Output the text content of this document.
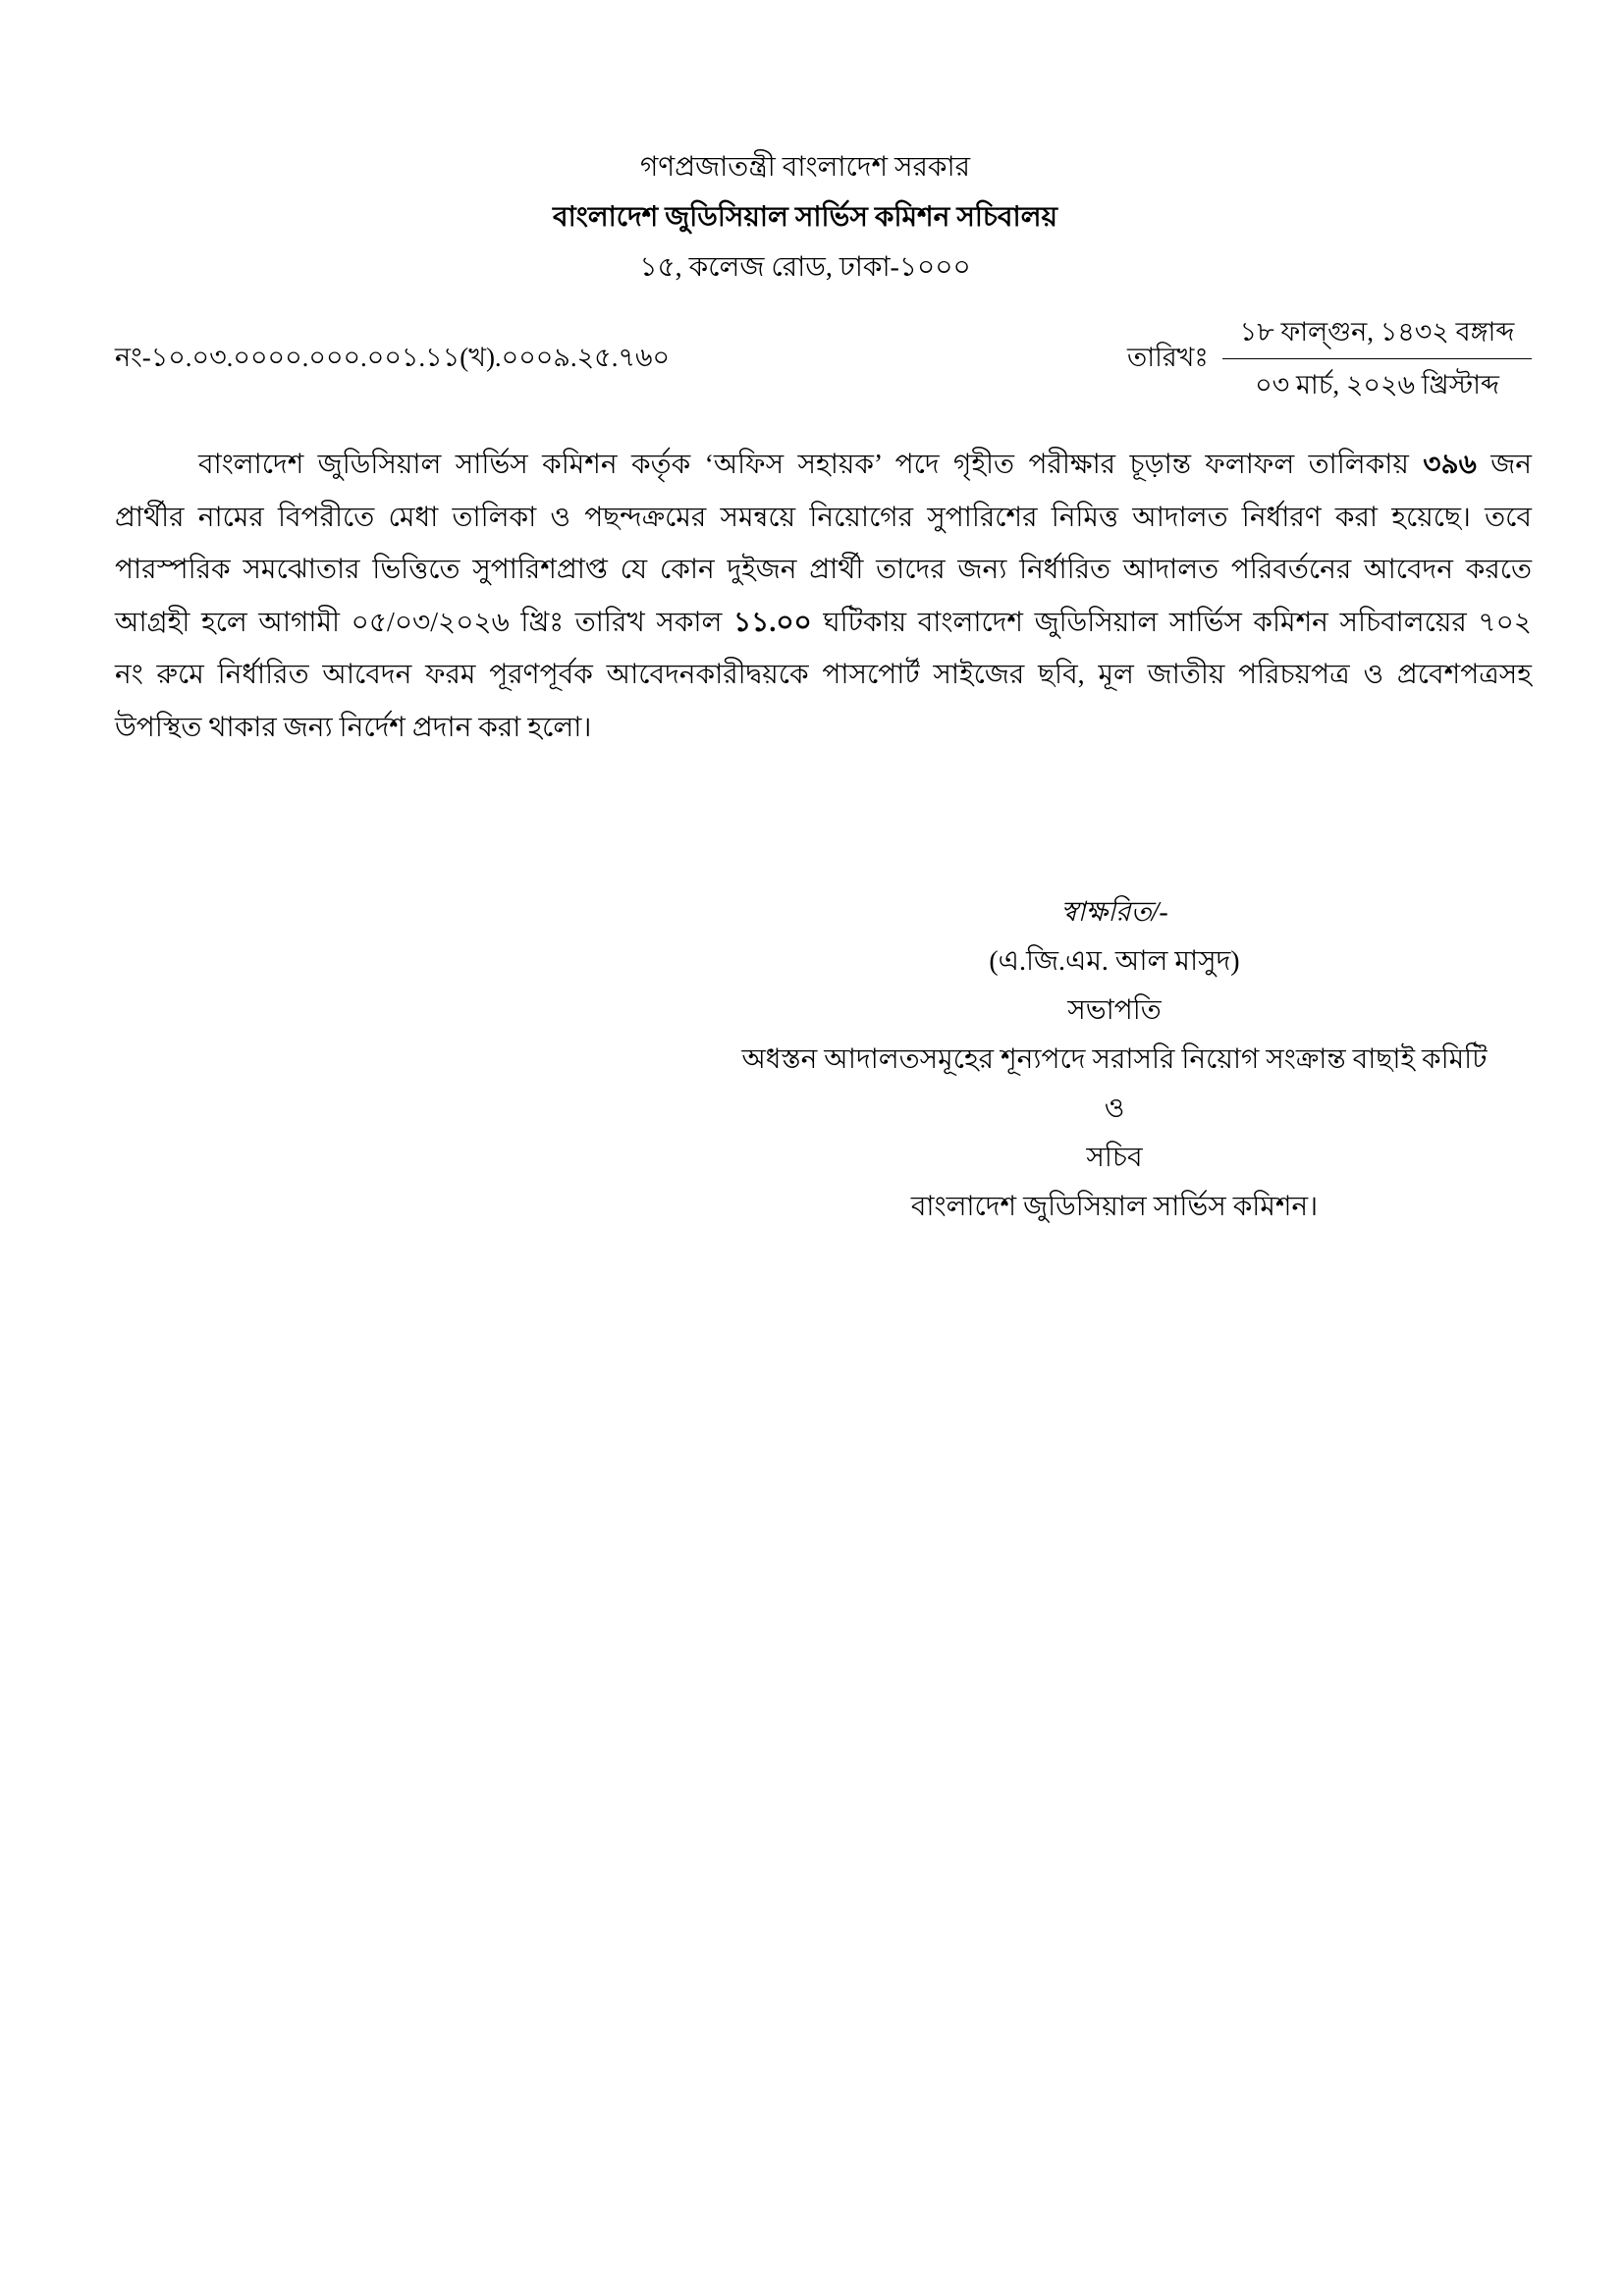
গণপ্রজাতন্ত্রী বাংলাদেশ সরকার
বাংলাদেশ জুডিসিয়াল সার্ভিস কমিশন সচিবালয়
১৫, কলেজ রোড, ঢাকা-১০০০
নং-১০.০৩.০০০০.০০০.০০১.১১(খ).০০০৯.২৫.৭৬০	তারিখঃ
১৮ ফাল্গুন, ১৪৩২ বঙ্গাব্দ
০৩ মার্চ, ২০২৬ খ্রিস্টাব্দ
বাংলাদেশ জুডিসিয়াল সার্ভিস কমিশন কর্তৃক ‘অফিস সহায়ক’ পদে গৃহীত পরীক্ষার চূড়ান্ত ফলাফল তালিকায় ৩৯৬ জন
প্রার্থীর নামের বিপরীতে মেধা তালিকা ও পছন্দক্রমের সমন্বয়ে নিয়োগের সুপারিশের নিমিত্ত আদালত নির্ধারণ করা হয়েছে। তবে
পারস্পরিক সমঝোতার ভিত্তিতে সুপারিশপ্রাপ্ত যে কোন দুইজন প্রার্থী তাদের জন্য নির্ধারিত আদালত পরিবর্তনের আবেদন করতে
আগ্রহী হলে আগামী ০৫/০৩/২০২৬ খ্রিঃ তারিখ সকাল ১১.০০ ঘটিকায় বাংলাদেশ জুডিসিয়াল সার্ভিস কমিশন সচিবালয়ের ৭০২
নং রুমে নির্ধারিত আবেদন ফরম পূরণপূর্বক আবেদনকারীদ্বয়কে পাসপোর্ট সাইজের ছবি, মূল জাতীয় পরিচয়পত্র ও প্রবেশপত্রসহ
উপস্থিত থাকার জন্য নির্দেশ প্রদান করা হলো।
স্বাক্ষরিত/-
(এ.জি.এম. আল মাসুদ)
সভাপতি
অধস্তন আদালতসমূহের শূন্যপদে সরাসরি নিয়োগ সংক্রান্ত বাছাই কমিটি
ও
সচিব
বাংলাদেশ জুডিসিয়াল সার্ভিস কমিশন।
